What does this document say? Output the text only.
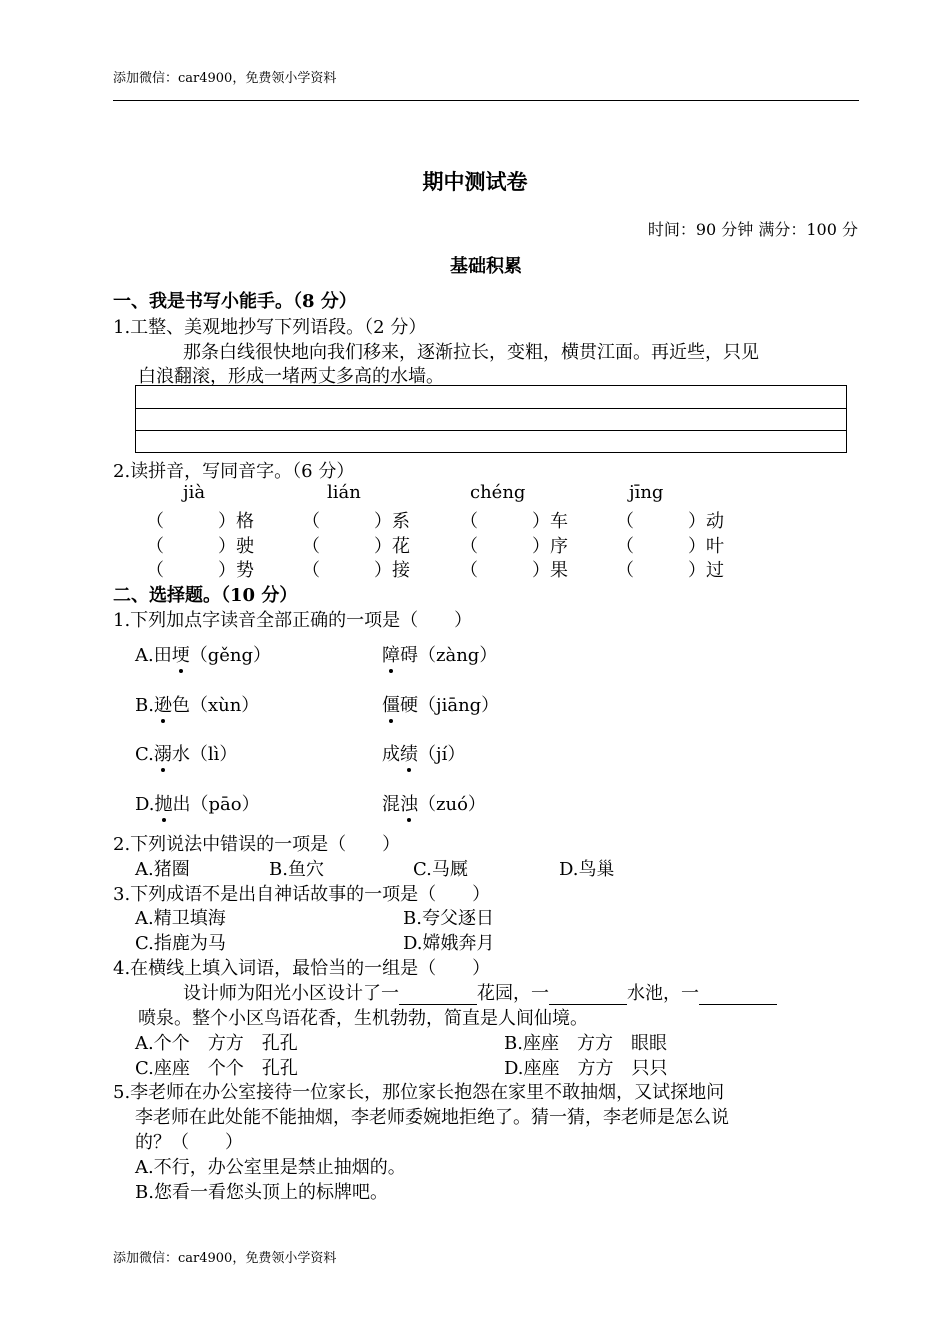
添加微信：car4900，免费领小学资料
期中测试卷
时间：90 分钟 满分：100 分
基础积累
一、我是书写小能手。（8 分）
1.工整、美观地抄写下列语段。（2 分）
那条白线很快地向我们移来，逐渐拉长，变粗，横贯江面。再近些，只见
白浪翻滚，形成一堵两丈多高的水墙。
2.读拼音，写同音字。（6 分）
jià	lián	chéng	jīng
（　　　）格	（　　　）系	（　　　）车	（　　　）动
（　　　）驶	（　　　）花	（　　　）序	（　　　）叶
（　　　）势	（　　　）接	（　　　）果	（　　　）过
二、选择题。（10 分）
1.下列加点字读音全部正确的一项是（　　）
A.田埂（gěng）	障碍（zàng）
B.逊色（xùn）	僵硬（jiāng）
C.溺水（lì）	成绩（jí）
D.抛出（pāo）	混浊（zuó）
2.下列说法中错误的一项是（　　）
A.猪圈	B.鱼穴	C.马厩	D.鸟巢
3.下列成语不是出自神话故事的一项是（　　）
A.精卫填海	B.夸父逐日
C.指鹿为马	D.嫦娥奔月
4.在横线上填入词语，最恰当的一组是（　　）
设计师为阳光小区设计了一	花园，一	水池，一
喷泉。整个小区鸟语花香，生机勃勃，简直是人间仙境。
A.个个　方方　孔孔	B.座座　方方　眼眼
C.座座　个个　孔孔	D.座座　方方　只只
5.李老师在办公室接待一位家长，那位家长抱怨在家里不敢抽烟，又试探地问
李老师在此处能不能抽烟，李老师委婉地拒绝了。猜一猜，李老师是怎么说
的？（　　）
A.不行，办公室里是禁止抽烟的。
B.您看一看您头顶上的标牌吧。
添加微信：car4900，免费领小学资料
